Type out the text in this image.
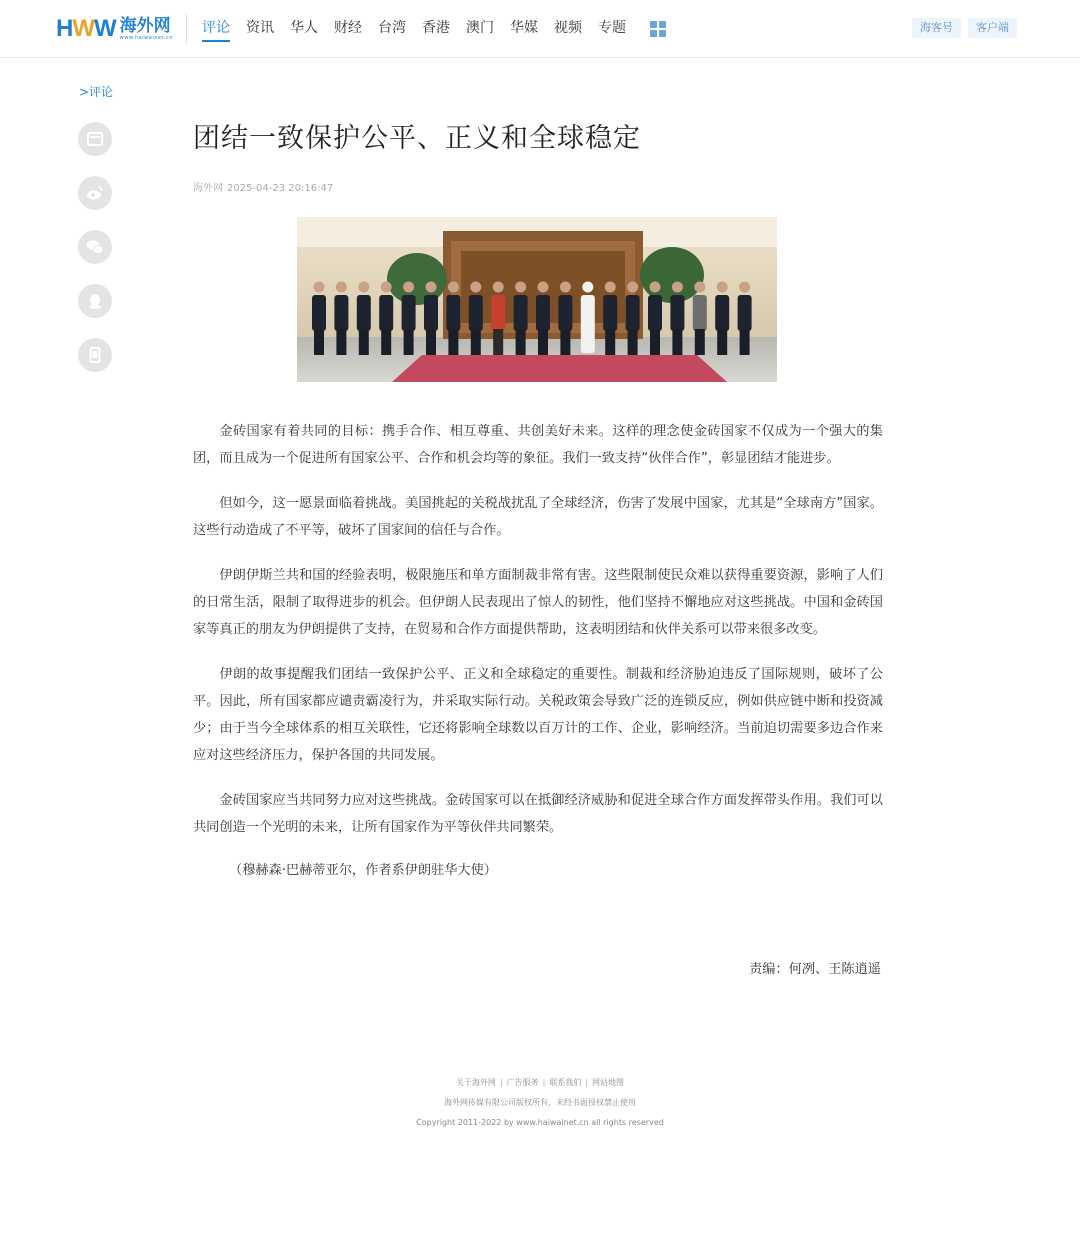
HWW 海外网
www.haiwainet.cn
评论 资讯 华人 财经 台湾 香港 澳门 华媒 视频 专题	海客号	客户端
>评论
团结一致保护公平、正义和全球稳定
海外网 2025-04-23 20:16:47

金砖国家有着共同的目标：携手合作、相互尊重、共创美好未来。这样的理念使金砖国家不仅成为一个强大的集团，而且成为一个促进所有国家公平、合作和机会均等的象征。我们一致支持“伙伴合作”，彰显团结才能进步。

但如今，这一愿景面临着挑战。美国挑起的关税战扰乱了全球经济，伤害了发展中国家，尤其是“全球南方”国家。这些行动造成了不平等，破坏了国家间的信任与合作。

伊朗伊斯兰共和国的经验表明，极限施压和单方面制裁非常有害。这些限制使民众难以获得重要资源，影响了人们的日常生活，限制了取得进步的机会。但伊朗人民表现出了惊人的韧性，他们坚持不懈地应对这些挑战。中国和金砖国家等真正的朋友为伊朗提供了支持，在贸易和合作方面提供帮助，这表明团结和伙伴关系可以带来很多改变。

伊朗的故事提醒我们团结一致保护公平、正义和全球稳定的重要性。制裁和经济胁迫违反了国际规则，破坏了公平。因此，所有国家都应谴责霸凌行为，并采取实际行动。关税政策会导致广泛的连锁反应，例如供应链中断和投资减少；由于当今全球体系的相互关联性，它还将影响全球数以百万计的工作、企业，影响经济。当前迫切需要多边合作来应对这些经济压力，保护各国的共同发展。

金砖国家应当共同努力应对这些挑战。金砖国家可以在抵御经济威胁和促进全球合作方面发挥带头作用。我们可以共同创造一个光明的未来，让所有国家作为平等伙伴共同繁荣。

（穆赫森·巴赫蒂亚尔，作者系伊朗驻华大使）

责编：何冽、王陈逍遥
关于海外网 | 广告服务 | 联系我们 | 网站地图
海外网传媒有限公司版权所有，未经书面授权禁止使用
Copyright 2011-2022 by www.haiwainet.cn all rights reserved
